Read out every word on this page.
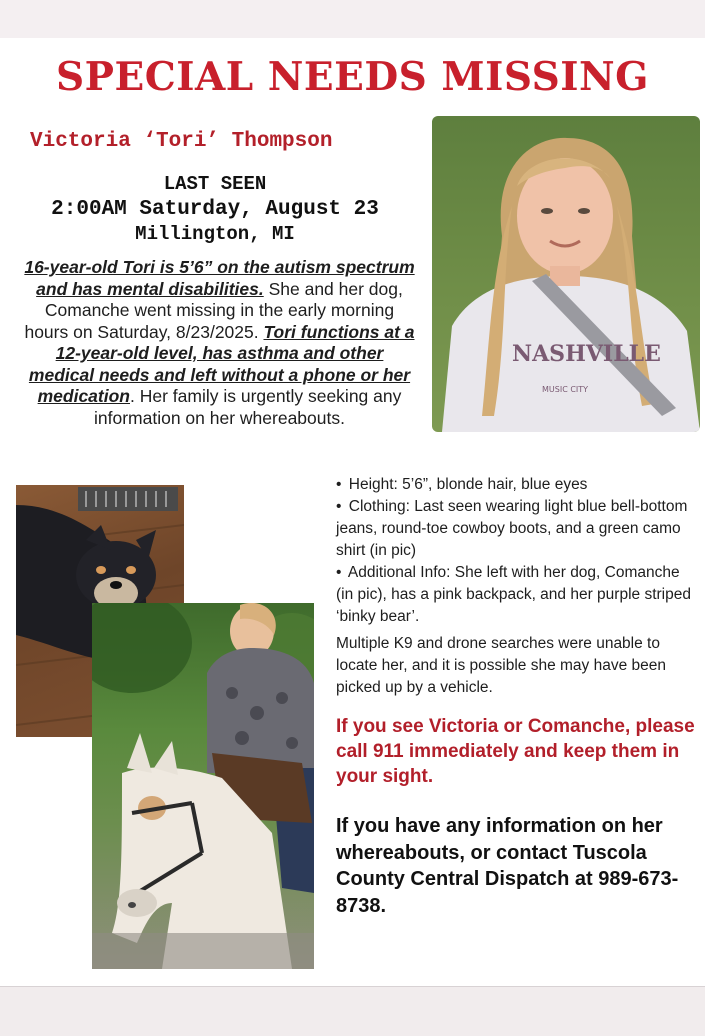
SPECIAL NEEDS MISSING
Victoria ‘Tori’ Thompson
LAST SEEN
2:00AM Saturday, August 23
Millington, MI

16-year-old Tori is 5’6” on the autism spectrum and has mental disabilities. She and her dog, Comanche went missing in the early morning hours on Saturday, 8/23/2025. Tori functions at a 12-year-old level, has asthma and other medical needs and left without a phone or her medication. Her family is urgently seeking any information on her whereabouts.

NASHVILLE
MUSIC CITY
• Height: 5’6”, blonde hair, blue eyes
• Clothing: Last seen wearing light blue bell-bottom jeans, round-toe cowboy boots, and a green camo shirt (in pic)
• Additional Info: She left with her dog, Comanche (in pic), has a pink backpack, and her purple striped ‘binky bear’.

Multiple K9 and drone searches were unable to locate her, and it is possible she may have been picked up by a vehicle.

If you see Victoria or Comanche, please call 911 immediately and keep them in your sight.

If you have any information on her whereabouts, or contact Tuscola County Central Dispatch at 989-673-8738.
